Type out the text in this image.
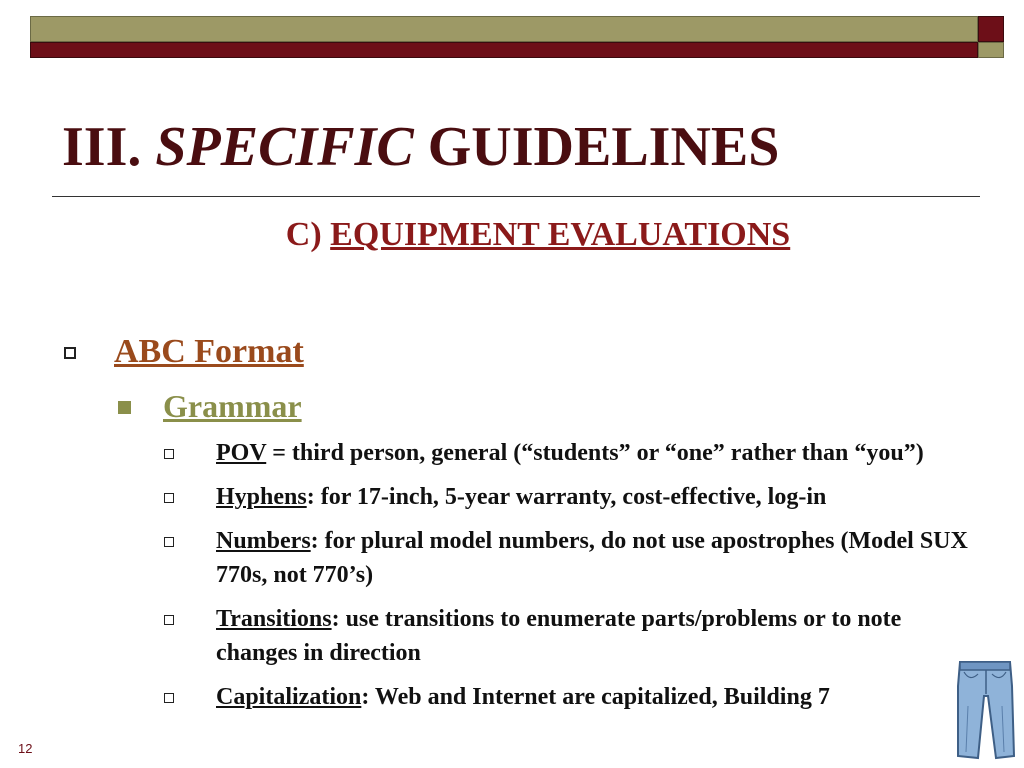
III. SPECIFIC GUIDELINES
C) EQUIPMENT EVALUATIONS
ABC Format
Grammar
POV = third person, general (“students” or “one” rather than “you”)
Hyphens: for 17-inch, 5-year warranty, cost-effective, log-in
Numbers: for plural model numbers, do not use apostrophes (Model SUX 770s, not 770’s)
Transitions: use transitions to enumerate parts/problems or to note changes in direction
Capitalization: Web and Internet are capitalized, Building 7
12
